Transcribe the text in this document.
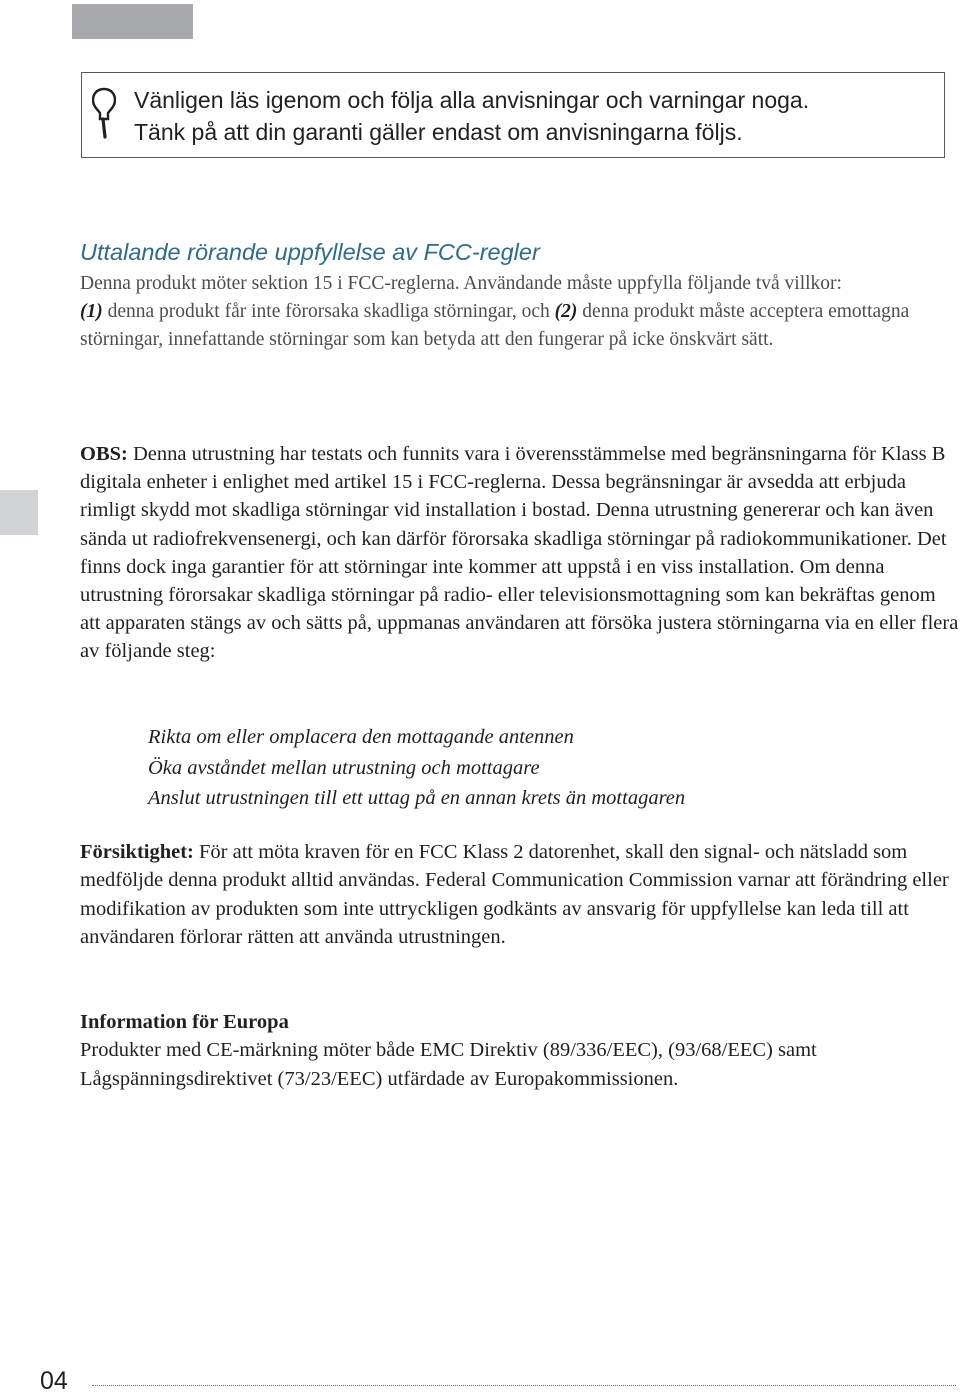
Vänligen läs igenom och följa alla anvisningar och varningar noga.
Tänk på att din garanti gäller endast om anvisningarna följs.
Uttalande rörande uppfyllelse av FCC-regler

Denna produkt möter sektion 15 i FCC-reglerna. Användande måste uppfylla följande två villkor:

(1) denna produkt får inte förorsaka skadliga störningar, och (2) denna produkt måste acceptera emottagna störningar, innefattande störningar som kan betyda att den fungerar på icke önskvärt sätt.

OBS: Denna utrustning har testats och funnits vara i överensstämmelse med begränsningarna för Klass B digitala enheter i enlighet med artikel 15 i FCC-reglerna. Dessa begränsningar är avsedda att erbjuda rimligt skydd mot skadliga störningar vid installation i bostad. Denna utrustning genererar och kan även sända ut radiofrekvensenergi, och kan därför förorsaka skadliga störningar på radiokommunikationer. Det finns dock inga garantier för att störningar inte kommer att uppstå i en viss installation. Om denna utrustning förorsakar skadliga störningar på radio- eller televisionsmottagning som kan bekräftas genom att apparaten stängs av och sätts på, uppmanas användaren att försöka justera störningarna via en eller flera av följande steg:

Rikta om eller omplacera den mottagande antennen
Öka avståndet mellan utrustning och mottagare
Anslut utrustningen till ett uttag på en annan krets än mottagaren

Försiktighet: För att möta kraven för en FCC Klass 2 datorenhet, skall den signal- och nätsladd som medföljde denna produkt alltid användas. Federal Communication Commission varnar att förändring eller modifikation av produkten som inte uttryckligen godkänts av ansvarig för uppfyllelse kan leda till att användaren förlorar rätten att använda utrustningen.

Information för Europa

Produkter med CE-märkning möter både EMC Direktiv (89/336/EEC), (93/68/EEC) samt Lågspänningsdirektivet (73/23/EEC) utfärdade av Europakommissionen.

04
